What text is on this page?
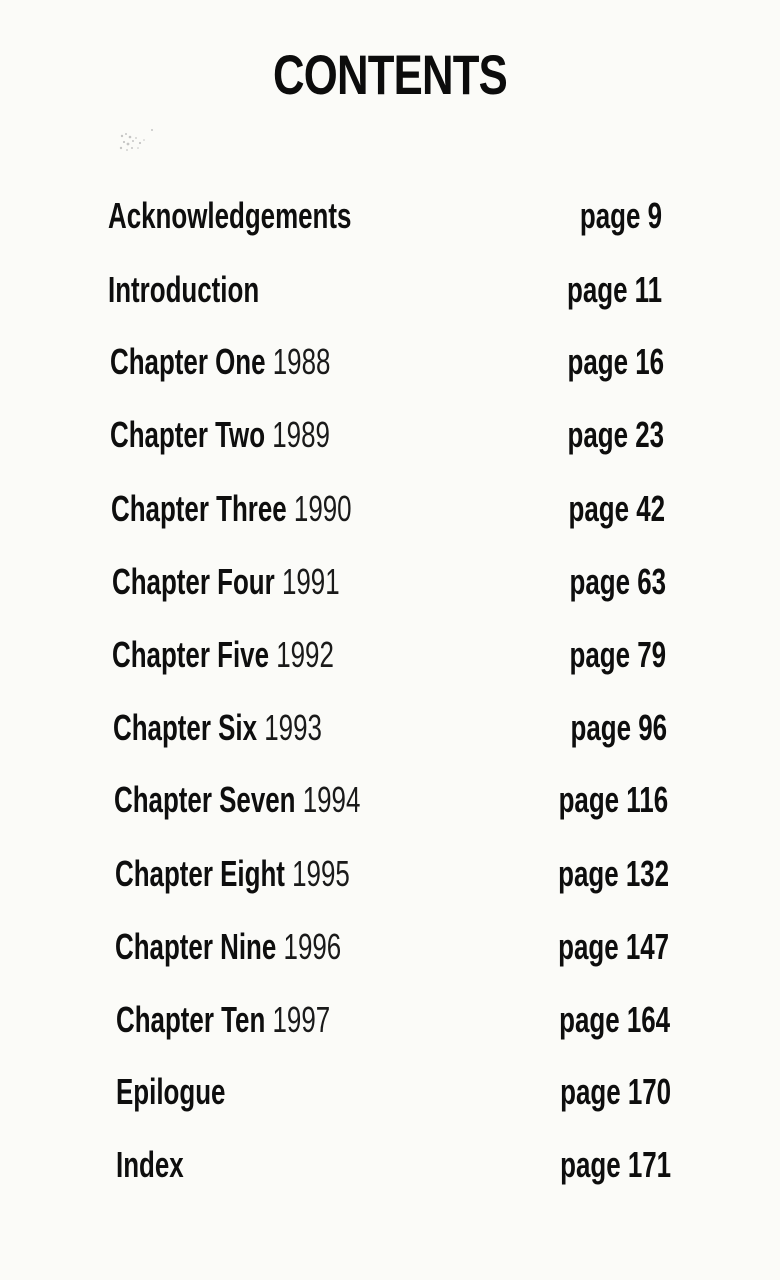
CONTENTS
Acknowledgements	page 9
Introduction	page 11
Chapter One 1988	page 16
Chapter Two 1989	page 23
Chapter Three 1990	page 42
Chapter Four 1991	page 63
Chapter Five 1992	page 79
Chapter Six 1993	page 96
Chapter Seven 1994	page 116
Chapter Eight 1995	page 132
Chapter Nine 1996	page 147
Chapter Ten 1997	page 164
Epilogue	page 170
Index	page 171
